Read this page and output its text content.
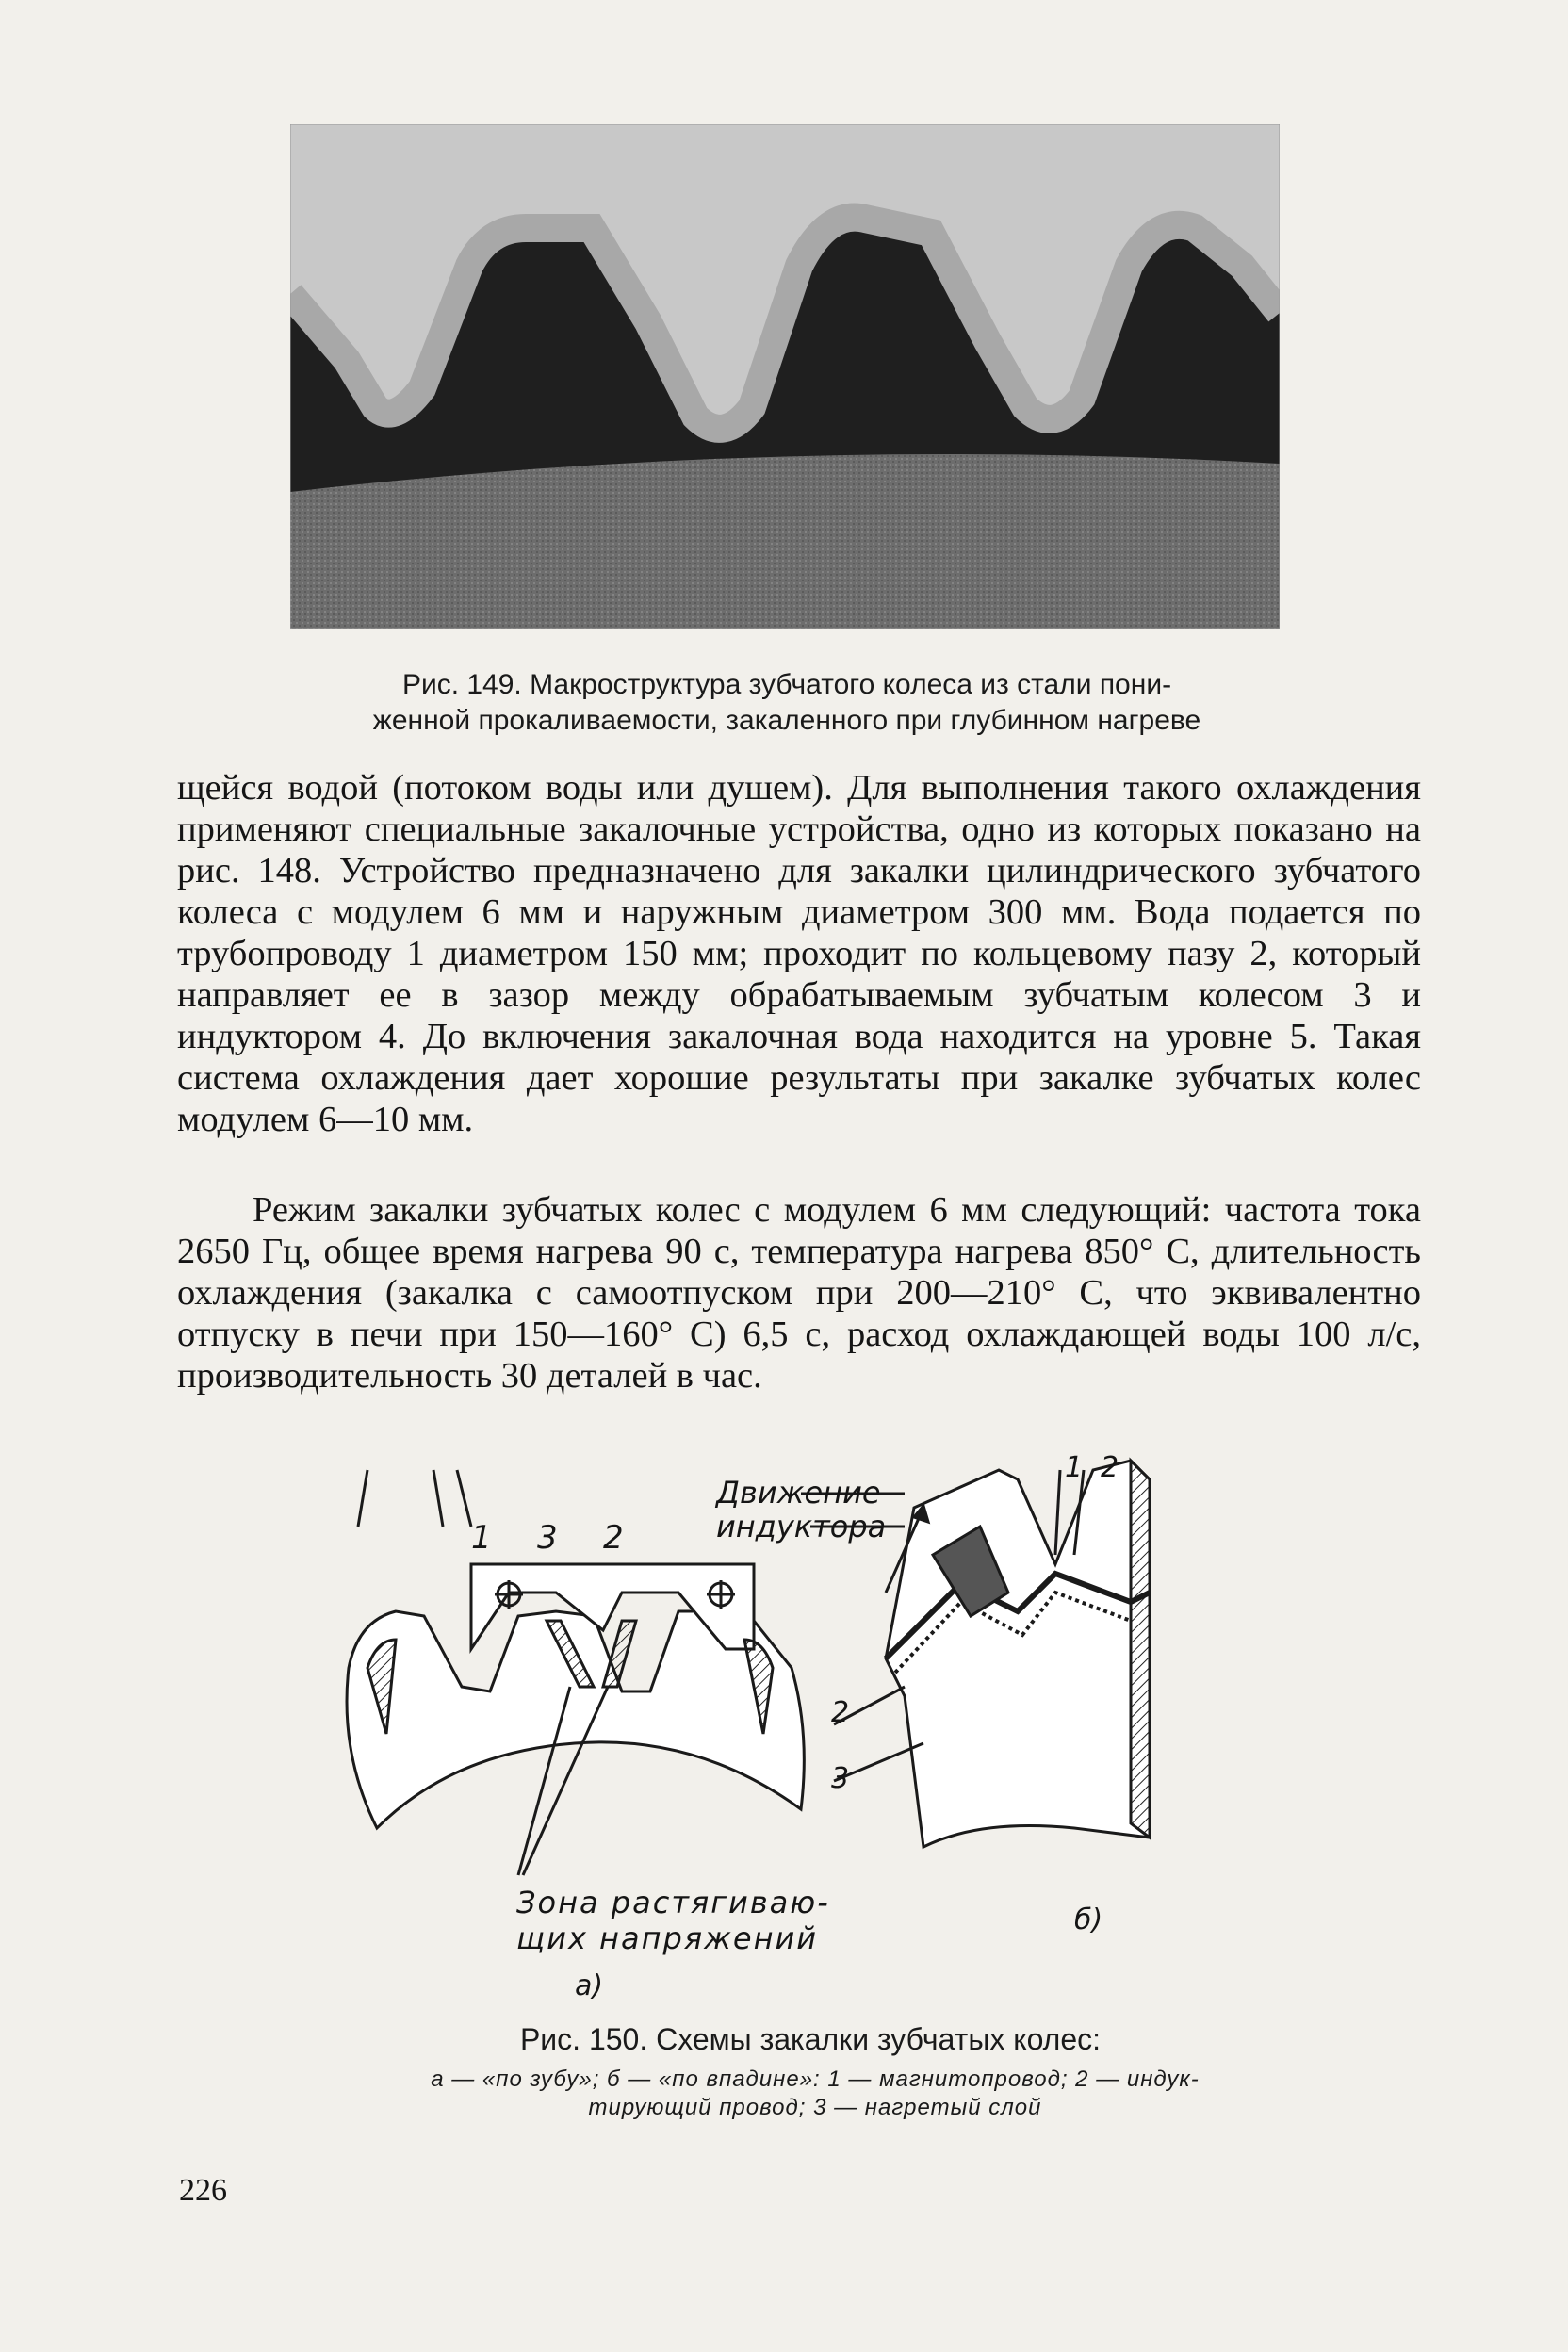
Рис. 149. Макроструктура зубчатого колеса из стали пони-
женной прокаливаемости, закаленного при глубинном нагреве

щейся водой (потоком воды или душем). Для выполнения такого охлаждения применяют специальные закалочные устройства, одно из которых показано на рис. 148. Устройство предназначено для закалки цилиндрического зубчатого колеса с модулем 6 мм и наружным диаметром 300 мм. Вода подается по трубопроводу 1 диаметром 150 мм; проходит по кольцевому пазу 2, который направляет ее в зазор между обрабатываемым зубчатым колесом 3 и индуктором 4. До включения закалочная вода находится на уровне 5. Такая система охлаждения дает хорошие результаты при закалке зубчатых колес модулем 6—10 мм.

Режим закалки зубчатых колес с модулем 6 мм следующий: частота тока 2650 Гц, общее время нагрева 90 с, температура нагрева 850° С, длительность охлаждения (закалка с самоотпуском при 200—210° С, что эквивалентно отпуску в печи при 150—160° С) 6,5 с, расход охлаждающей воды 100 л/с, производительность 30 деталей в час.

1 3 2
Зона растягиваю-
щих напряжений
а)
Движение
индуктора
1 2
2
3
б)
Рис. 150. Схемы закалки зубчатых колес:
а — «по зубу»; б — «по впадине»: 1 — магнитопровод; 2 — индук-
тирующий провод; 3 — нагретый слой
226
